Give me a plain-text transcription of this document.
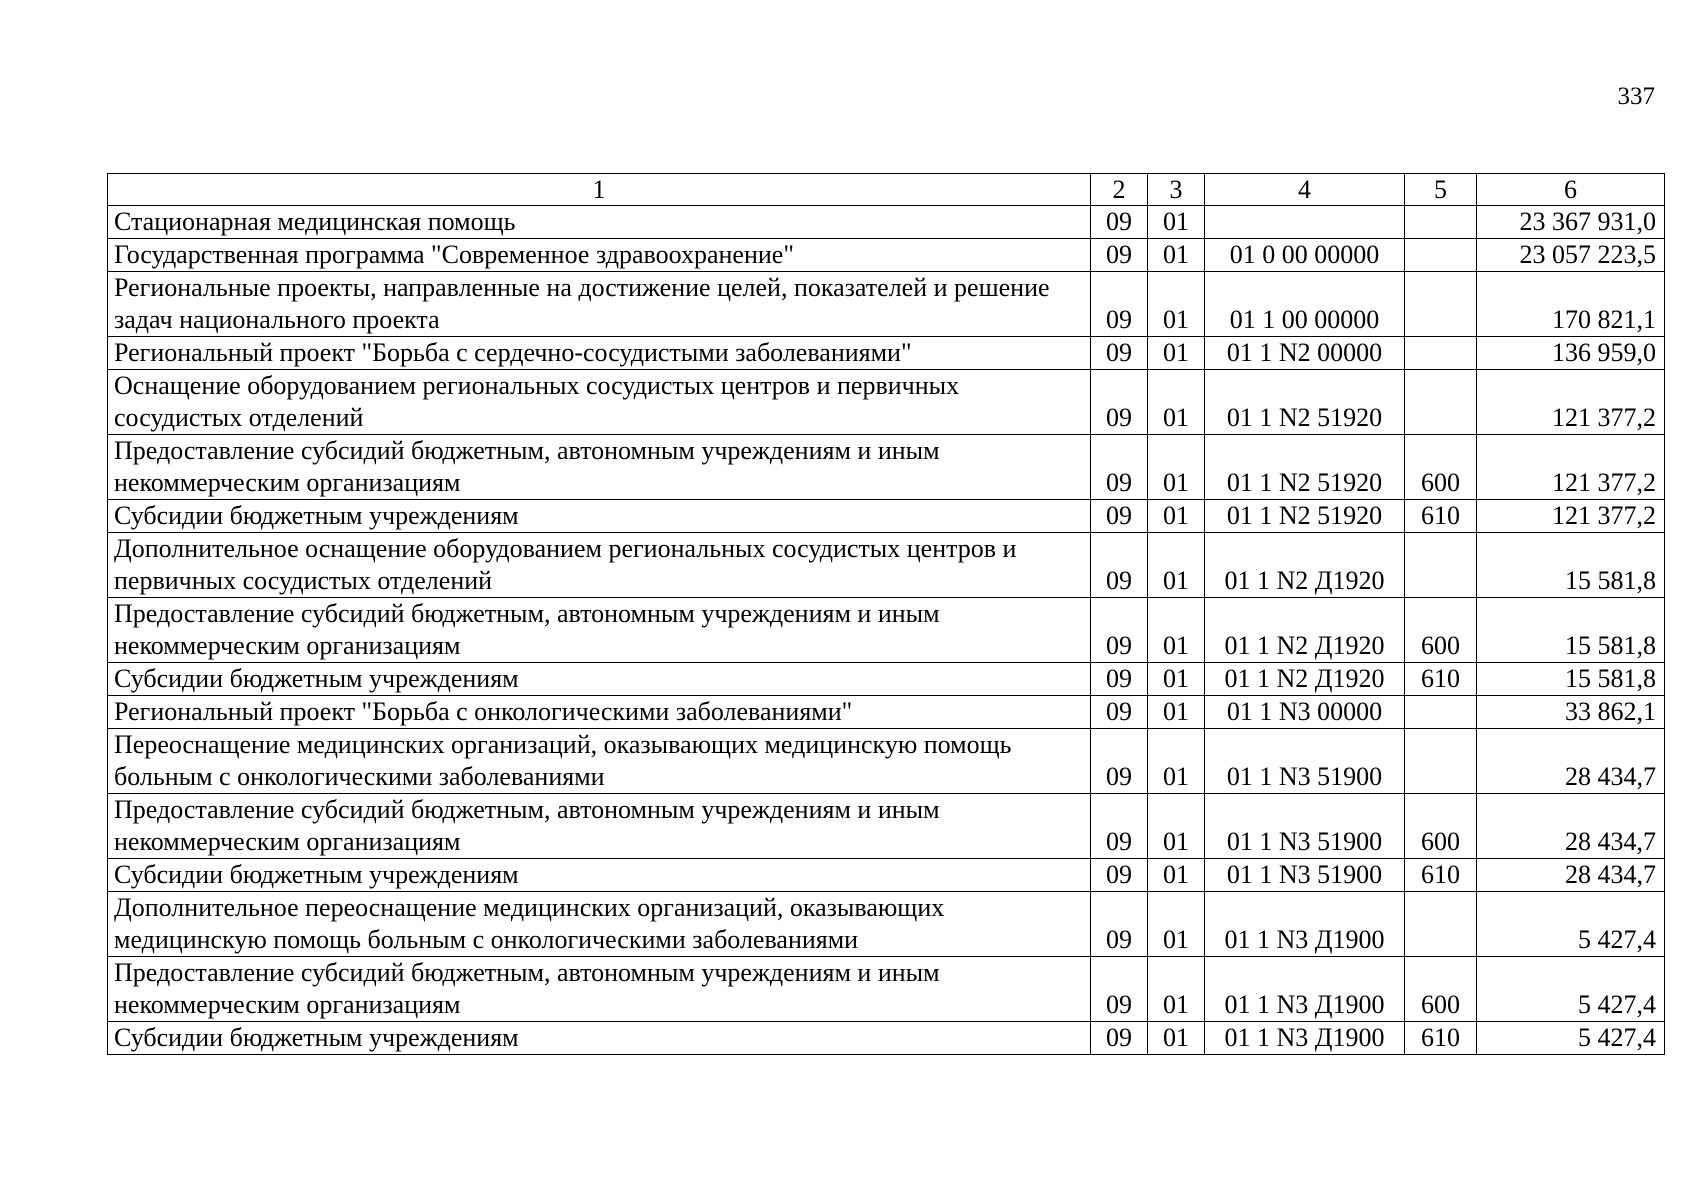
337
1	2	3	4	5	6
Стационарная медицинская помощь	09	01			23 367 931,0
Государственная программа "Современное здравоохранение"	09	01	01 0 00 00000		23 057 223,5
Региональные проекты, направленные на достижение целей, показателей и решение задач национального проекта	09	01	01 1 00 00000		170 821,1
Региональный проект "Борьба с сердечно-сосудистыми заболеваниями"	09	01	01 1 N2 00000		136 959,0
Оснащение оборудованием региональных сосудистых центров и первичных сосудистых отделений	09	01	01 1 N2 51920		121 377,2
Предоставление субсидий бюджетным, автономным учреждениям и иным некоммерческим организациям	09	01	01 1 N2 51920	600	121 377,2
Субсидии бюджетным учреждениям	09	01	01 1 N2 51920	610	121 377,2
Дополнительное оснащение оборудованием региональных сосудистых центров и первичных сосудистых отделений	09	01	01 1 N2 Д1920		15 581,8
Предоставление субсидий бюджетным, автономным учреждениям и иным некоммерческим организациям	09	01	01 1 N2 Д1920	600	15 581,8
Субсидии бюджетным учреждениям	09	01	01 1 N2 Д1920	610	15 581,8
Региональный проект "Борьба с онкологическими заболеваниями"	09	01	01 1 N3 00000		33 862,1
Переоснащение медицинских организаций, оказывающих медицинскую помощь больным с онкологическими заболеваниями	09	01	01 1 N3 51900		28 434,7
Предоставление субсидий бюджетным, автономным учреждениям и иным некоммерческим организациям	09	01	01 1 N3 51900	600	28 434,7
Субсидии бюджетным учреждениям	09	01	01 1 N3 51900	610	28 434,7
Дополнительное переоснащение медицинских организаций, оказывающих медицинскую помощь больным с онкологическими заболеваниями	09	01	01 1 N3 Д1900		5 427,4
Предоставление субсидий бюджетным, автономным учреждениям и иным некоммерческим организациям	09	01	01 1 N3 Д1900	600	5 427,4
Субсидии бюджетным учреждениям	09	01	01 1 N3 Д1900	610	5 427,4
